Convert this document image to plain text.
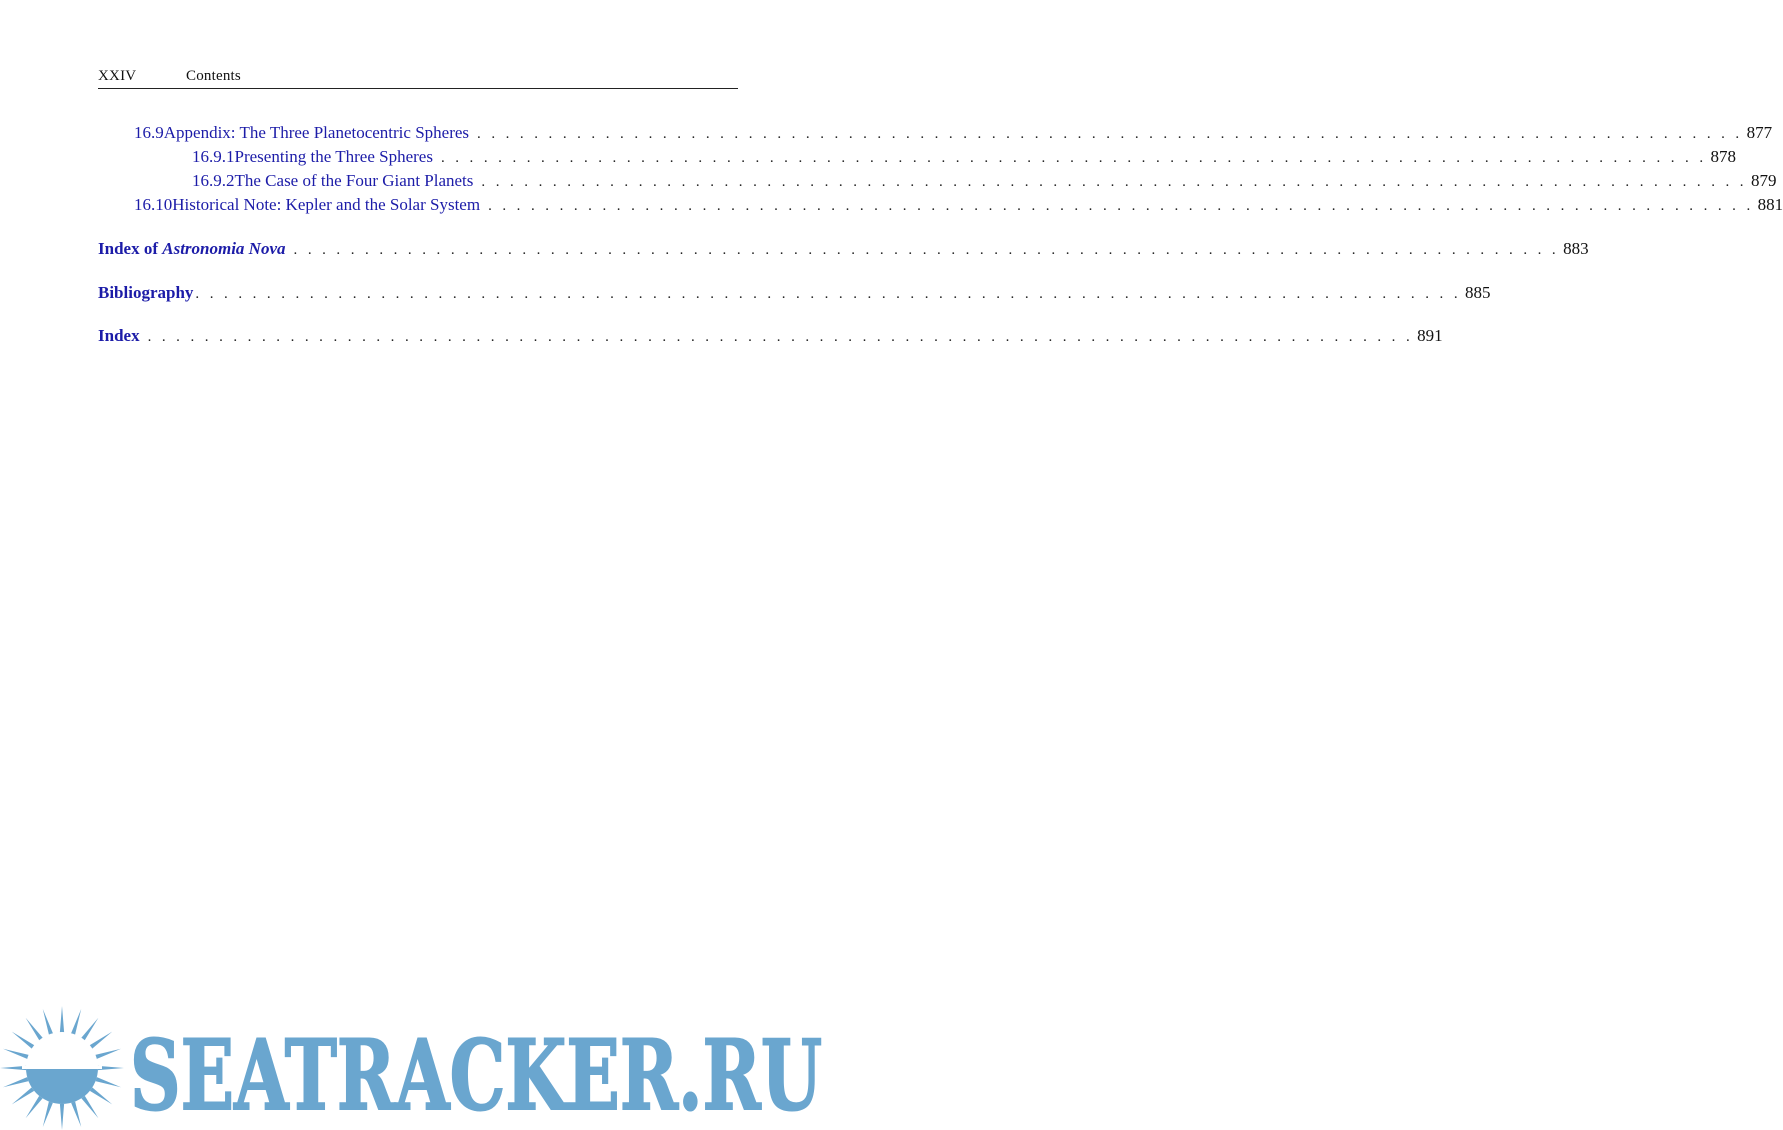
XXIV	Contents
16.9 Appendix: The Three Planetocentric Spheres . . . . . . . . . . . . . . . . . . . . . . . . . . . . . . . . . . . . . . . . . . . . . . . . . . . . . . . . . . . . . . . . . . . . . . . . . . . . . . . . . . . . . . . . . 877
16.9.1 Presenting the Three Spheres . . . . . . . . . . . . . . . . . . . . . . . . . . . . . . . . . . . . . . . . . . . . . . . . . . . . . . . . . . . . . . . . . . . . . . . . . . . . . . . . . . . . . . . . . 878
16.9.2 The Case of the Four Giant Planets . . . . . . . . . . . . . . . . . . . . . . . . . . . . . . . . . . . . . . . . . . . . . . . . . . . . . . . . . . . . . . . . . . . . . . . . . . . . . . . . . . . . . . . . . 879
16.10 Historical Note: Kepler and the Solar System . . . . . . . . . . . . . . . . . . . . . . . . . . . . . . . . . . . . . . . . . . . . . . . . . . . . . . . . . . . . . . . . . . . . . . . . . . . . . . . . . . . . . . . . . 881
Index of Astronomia Nova . . . . . . . . . . . . . . . . . . . . . . . . . . . . . . . . . . . . . . . . . . . . . . . . . . . . . . . . . . . . . . . . . . . . . . . . . . . . . . . . . . . . . . . . . 883
Bibliography . . . . . . . . . . . . . . . . . . . . . . . . . . . . . . . . . . . . . . . . . . . . . . . . . . . . . . . . . . . . . . . . . . . . . . . . . . . . . . . . . . . . . . . . . 885
Index . . . . . . . . . . . . . . . . . . . . . . . . . . . . . . . . . . . . . . . . . . . . . . . . . . . . . . . . . . . . . . . . . . . . . . . . . . . . . . . . . . . . . . . . . 891
SEATRACKER.RU
